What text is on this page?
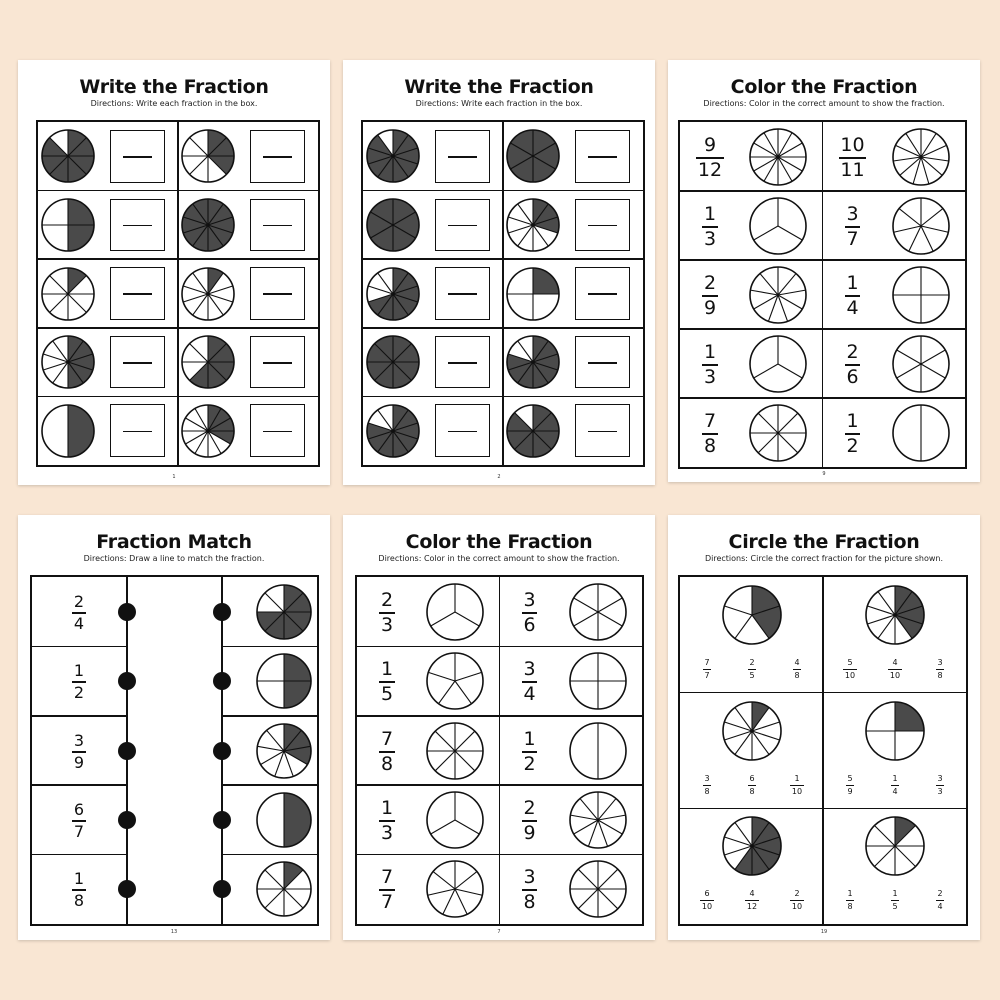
Write the Fraction
Directions: Write each fraction in the box.
1
Write the Fraction
Directions: Write each fraction in the box.
2
Color the Fraction
Directions: Color in the correct amount to show the fraction.
9
12
10
11
1
3
3
7
2
9
1
4
1
3
2
6
7
8
1
2
9
Fraction Match
Directions: Draw a line to match the fraction.
2
4
1
2
3
9
6
7
1
8
13
Color the Fraction
Directions: Color in the correct amount to show the fraction.
2
3
3
6
1
5
3
4
7
8
1
2
1
3
2
9
7
7
3
8
7
Circle the Fraction
Directions: Circle the correct fraction for the picture shown.
7
7
2
5
4
8
5
10
4
10
3
8
3
8
6
8
1
10
5
9
1
4
3
3
6
10
4
12
2
10
1
8
1
5
2
4
19
